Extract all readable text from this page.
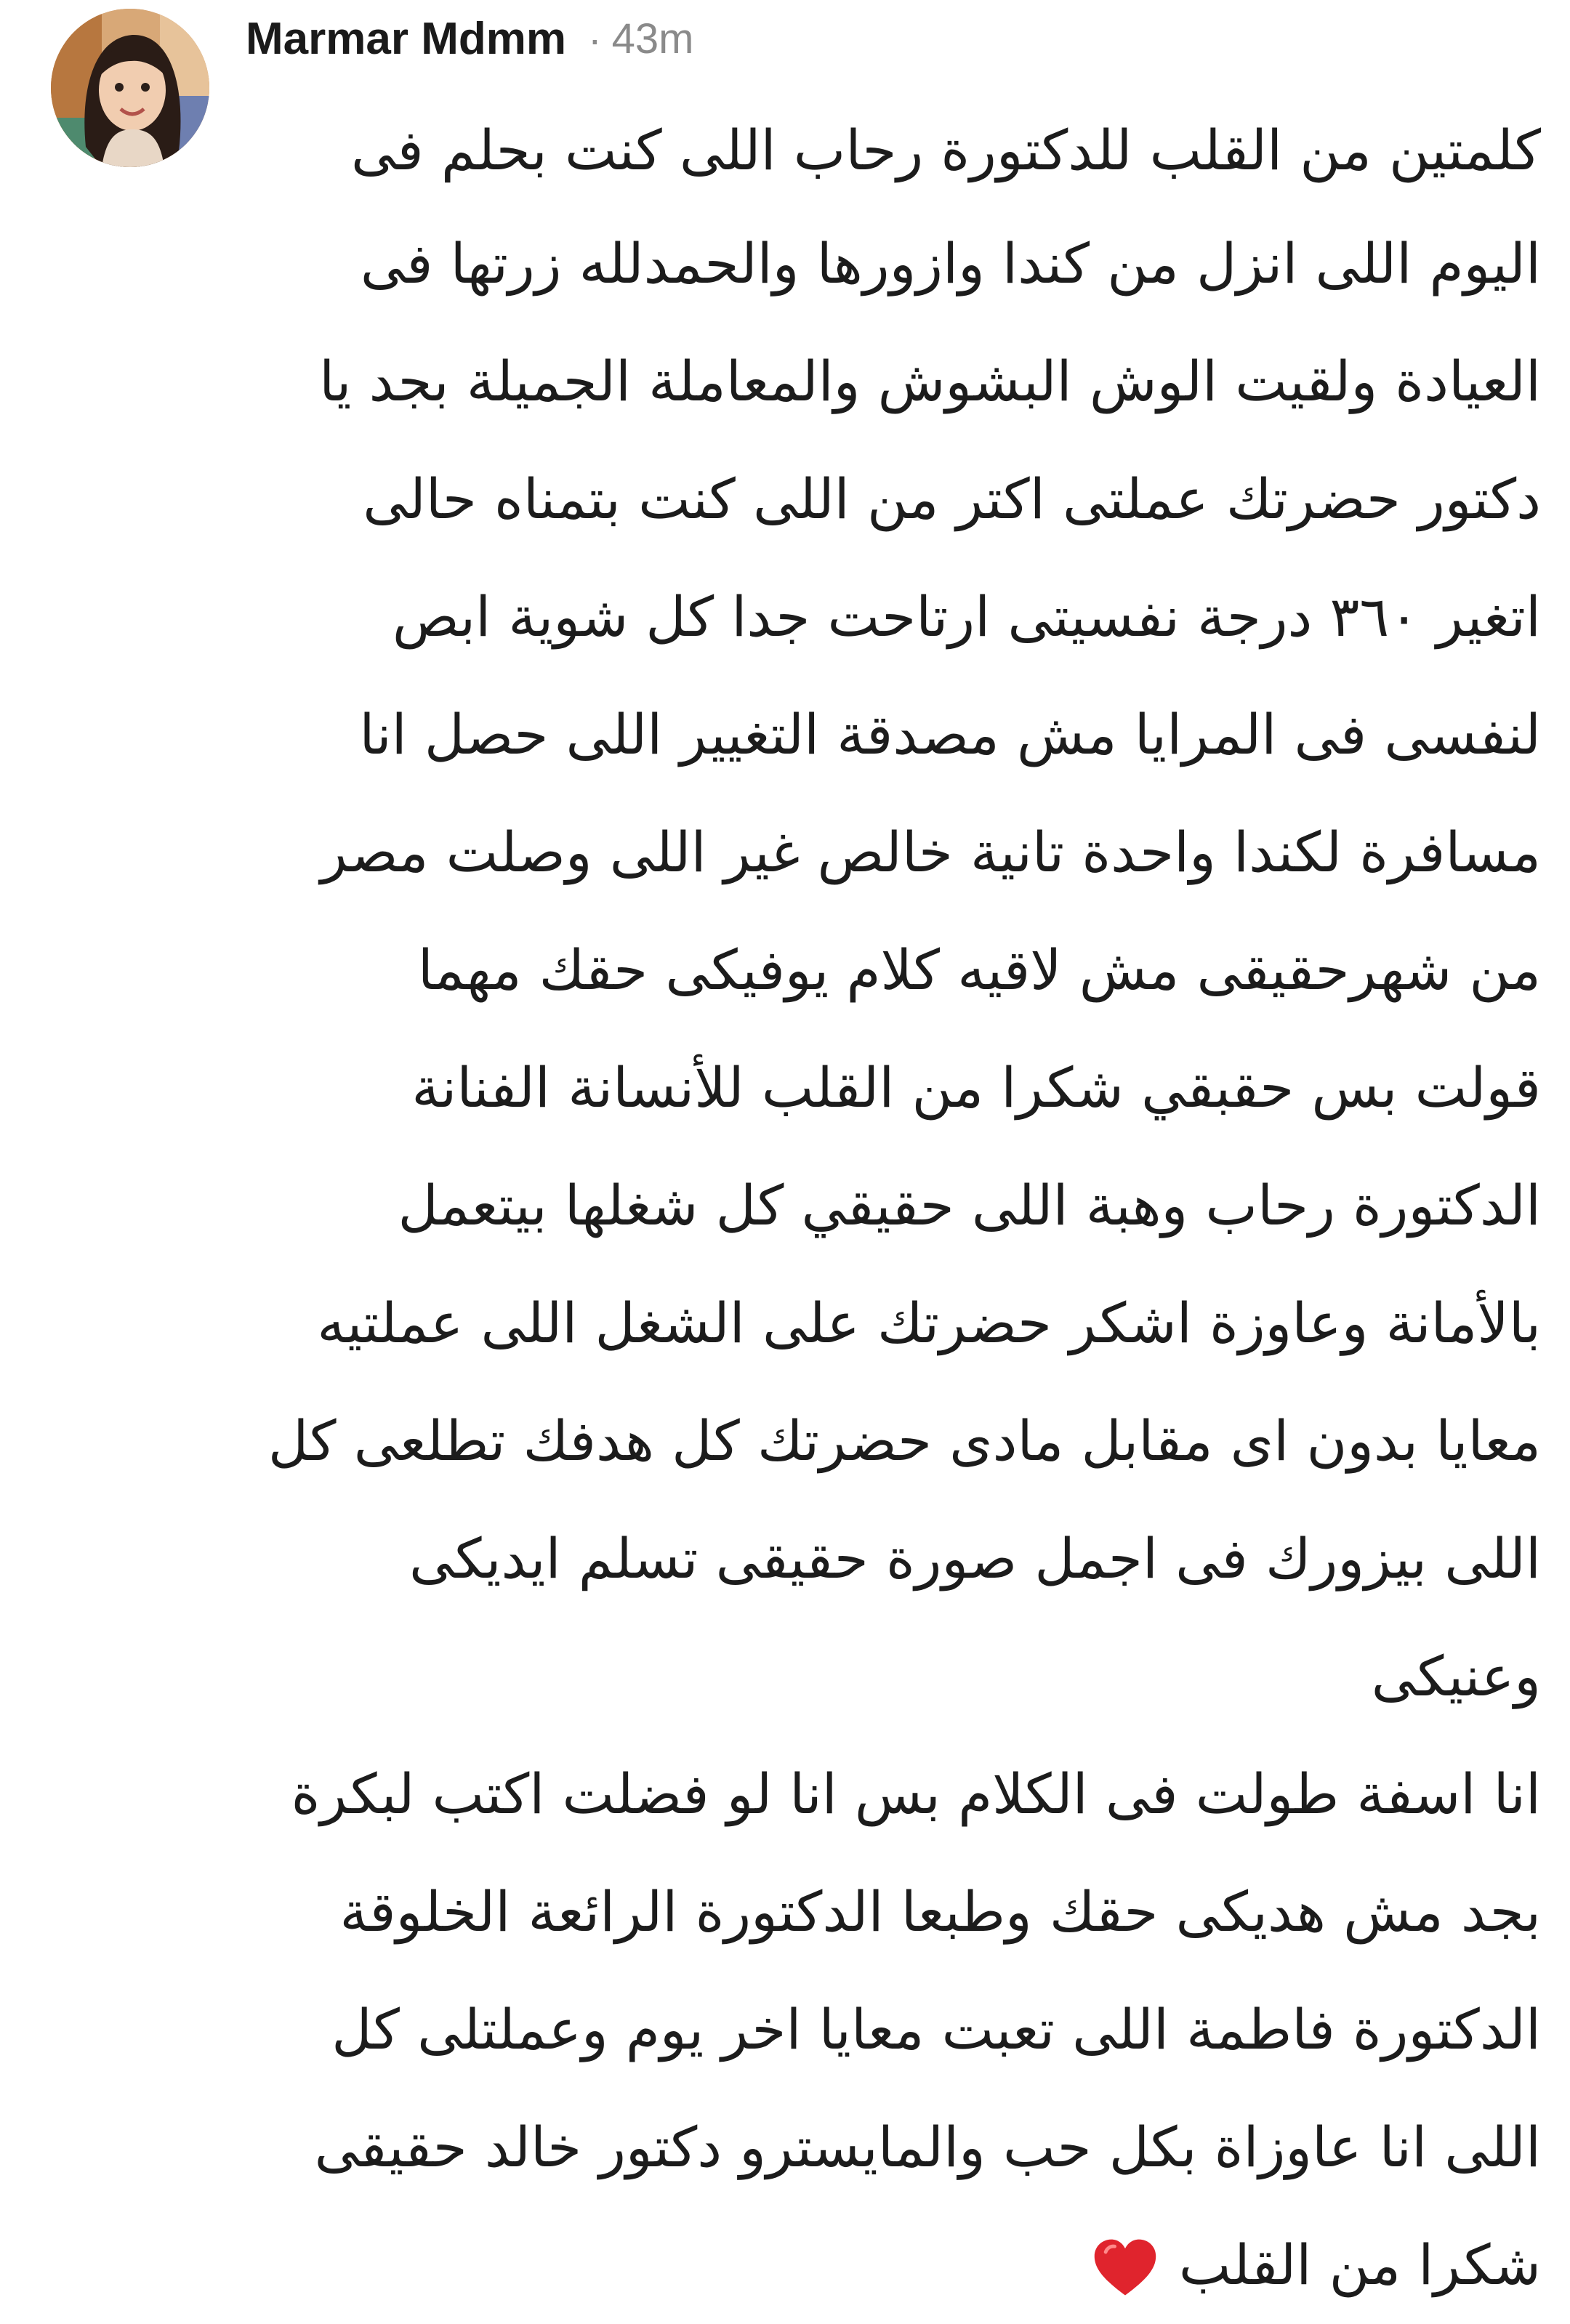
Marmar Mdmm · 43m
كلمتين من القلب للدكتورة رحاب اللى كنت بحلم فى
اليوم اللى انزل من كندا وازورها والحمدلله زرتها فى
العيادة ولقيت الوش البشوش والمعاملة الجميلة بجد يا
دكتور حضرتك عملتى اكتر من اللى كنت بتمناه حالى
اتغير ٣٦٠ درجة نفسيتى ارتاحت جدا كل شوية ابص
لنفسى فى المرايا مش مصدقة التغيير اللى حصل انا
مسافرة لكندا واحدة تانية خالص غير اللى وصلت مصر
من شهرحقيقى مش لاقيه كلام يوفيكى حقك مهما
قولت بس حقبقي شكرا من القلب للأنسانة الفنانة
الدكتورة رحاب وهبة اللى حقيقي كل شغلها بيتعمل
بالأمانة وعاوزة اشكر حضرتك على الشغل اللى عملتيه
معايا بدون اى مقابل مادى حضرتك كل هدفك تطلعى كل
اللى بيزورك فى اجمل صورة حقيقى تسلم ايديكى
وعنيكى
انا اسفة طولت فى الكلام بس انا لو فضلت اكتب لبكرة
بجد مش هديكى حقك وطبعا الدكتورة الرائعة الخلوقة
الدكتورة فاطمة اللى تعبت معايا اخر يوم وعملتلى كل
اللى انا عاوزاة بكل حب والمايسترو دكتور خالد حقيقى
شكرا من القلب
